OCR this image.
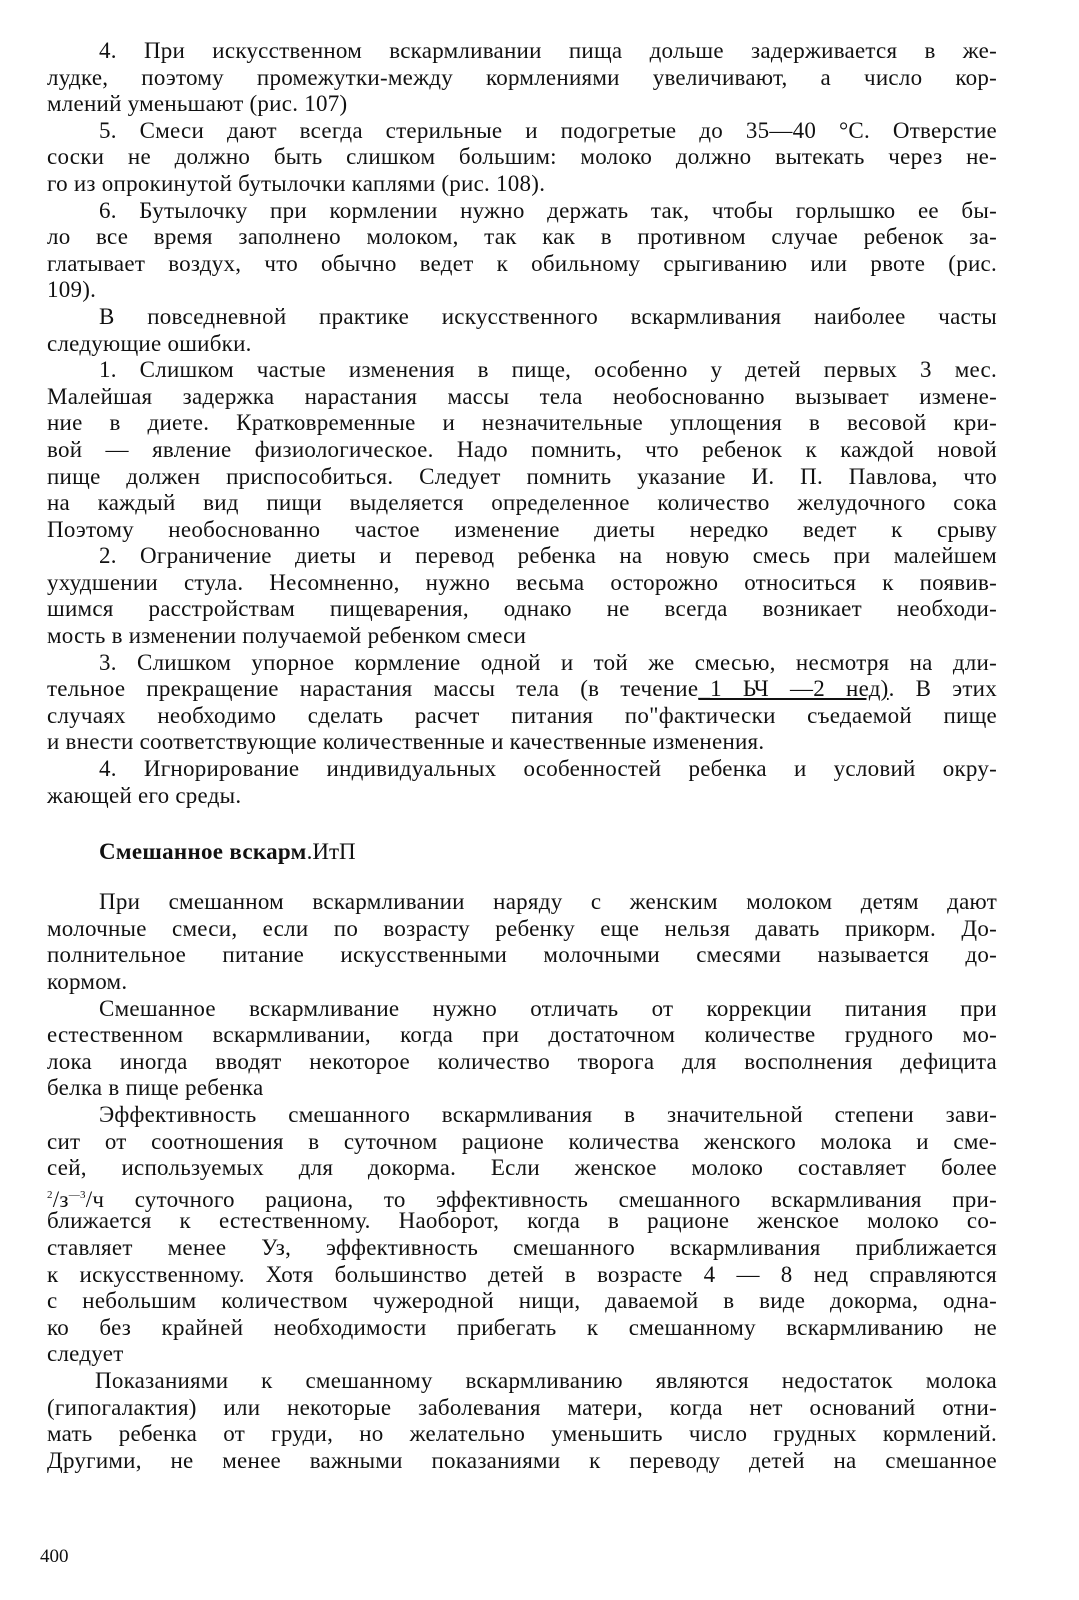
4. При искусственном вскармливании пища дольше задерживается в же-
лудке, поэтому промежутки-между кормлениями увеличивают, а число кор-
млений уменьшают (рис. 107)
5. Смеси дают всегда стерильные и подогретые до 35—40 °С. Отверстие
соски не должно быть слишком большим: молоко должно вытекать через не-
го из опрокинутой бутылочки каплями (рис. 108).
6. Бутылочку при кормлении нужно держать так, чтобы горлышко ее бы-
ло все время заполнено молоком, так как в противном случае ребенок за-
глатывает воздух, что обычно ведет к обильному срыгиванию или рвоте (рис.
109).
В повседневной практике искусственного вскармливания наиболее часты
следующие ошибки.
1. Слишком частые изменения в пище, особенно у детей первых 3 мес.
Малейшая задержка нарастания массы тела необоснованно вызывает измене-
ние в диете. Кратковременные и незначительные уплощения в весовой кри-
вой — явление физиологическое. Надо помнить, что ребенок к каждой новой
пище должен приспособиться. Следует помнить указание И. П. Павлова, что
на каждый вид пищи выделяется определенное количество желудочного сока
Поэтому необоснованно частое изменение диеты нередко ведет к срыву
2. Ограничение диеты и перевод ребенка на новую смесь при малейшем
ухудшении стула. Несомненно, нужно весьма осторожно относиться к появив-
шимся расстройствам пищеварения, однако не всегда возникает необходи-
мость в изменении получаемой ребенком смеси
3. Слишком упорное кормление одной и той же смесью, несмотря на дли-
тельное прекращение нарастания массы тела (в течение_1 ЬЧ —2 нед). В этих
случаях необходимо сделать расчет питания по"фактически съедаемой пище
и внести соответствующие количественные и качественные изменения.
4. Игнорирование индивидуальных особенностей ребенка и условий окру-
жающей его среды.
Смешанное вскарм.ИтП
При смешанном вскармливании наряду с женским молоком детям дают
молочные смеси, если по возрасту ребенку еще нельзя давать прикорм. До-
полнительное питание искусственными молочными смесями называется до-
кормом.
Смешанное вскармливание нужно отличать от коррекции питания при
естественном вскармливании, когда при достаточном количестве грудного мо-
лока иногда вводят некоторое количество творога для восполнения дефицита
белка в пище ребенка
Эффективность смешанного вскармливания в значительной степени зави-
сит от соотношения в суточном рационе количества женского молока и сме-
сей, используемых для докорма. Если женское молоко составляет более
$^2/з^{—3}/ч$ суточного рациона, то эффективность смешанного вскармливания при-
ближается к естественному. Наоборот, когда в рационе женское молоко со-
ставляет менее Уз, эффективность смешанного вскармливания приближается
к искусственному. Хотя большинство детей в возрасте 4 — 8 нед справляются
с небольшим количеством чужеродной нищи, даваемой в виде докорма, одна-
ко без крайней необходимости прибегать к смешанному вскармливанию не
следует
Показаниями к смешанному вскармливанию являются недостаток молока
(гипогалактия) или некоторые заболевания матери, когда нет оснований отни-
мать ребенка от груди, но желательно уменьшить число грудных кормлений.
Другими, не менее важными показаниями к переводу детей на смешанное
400
